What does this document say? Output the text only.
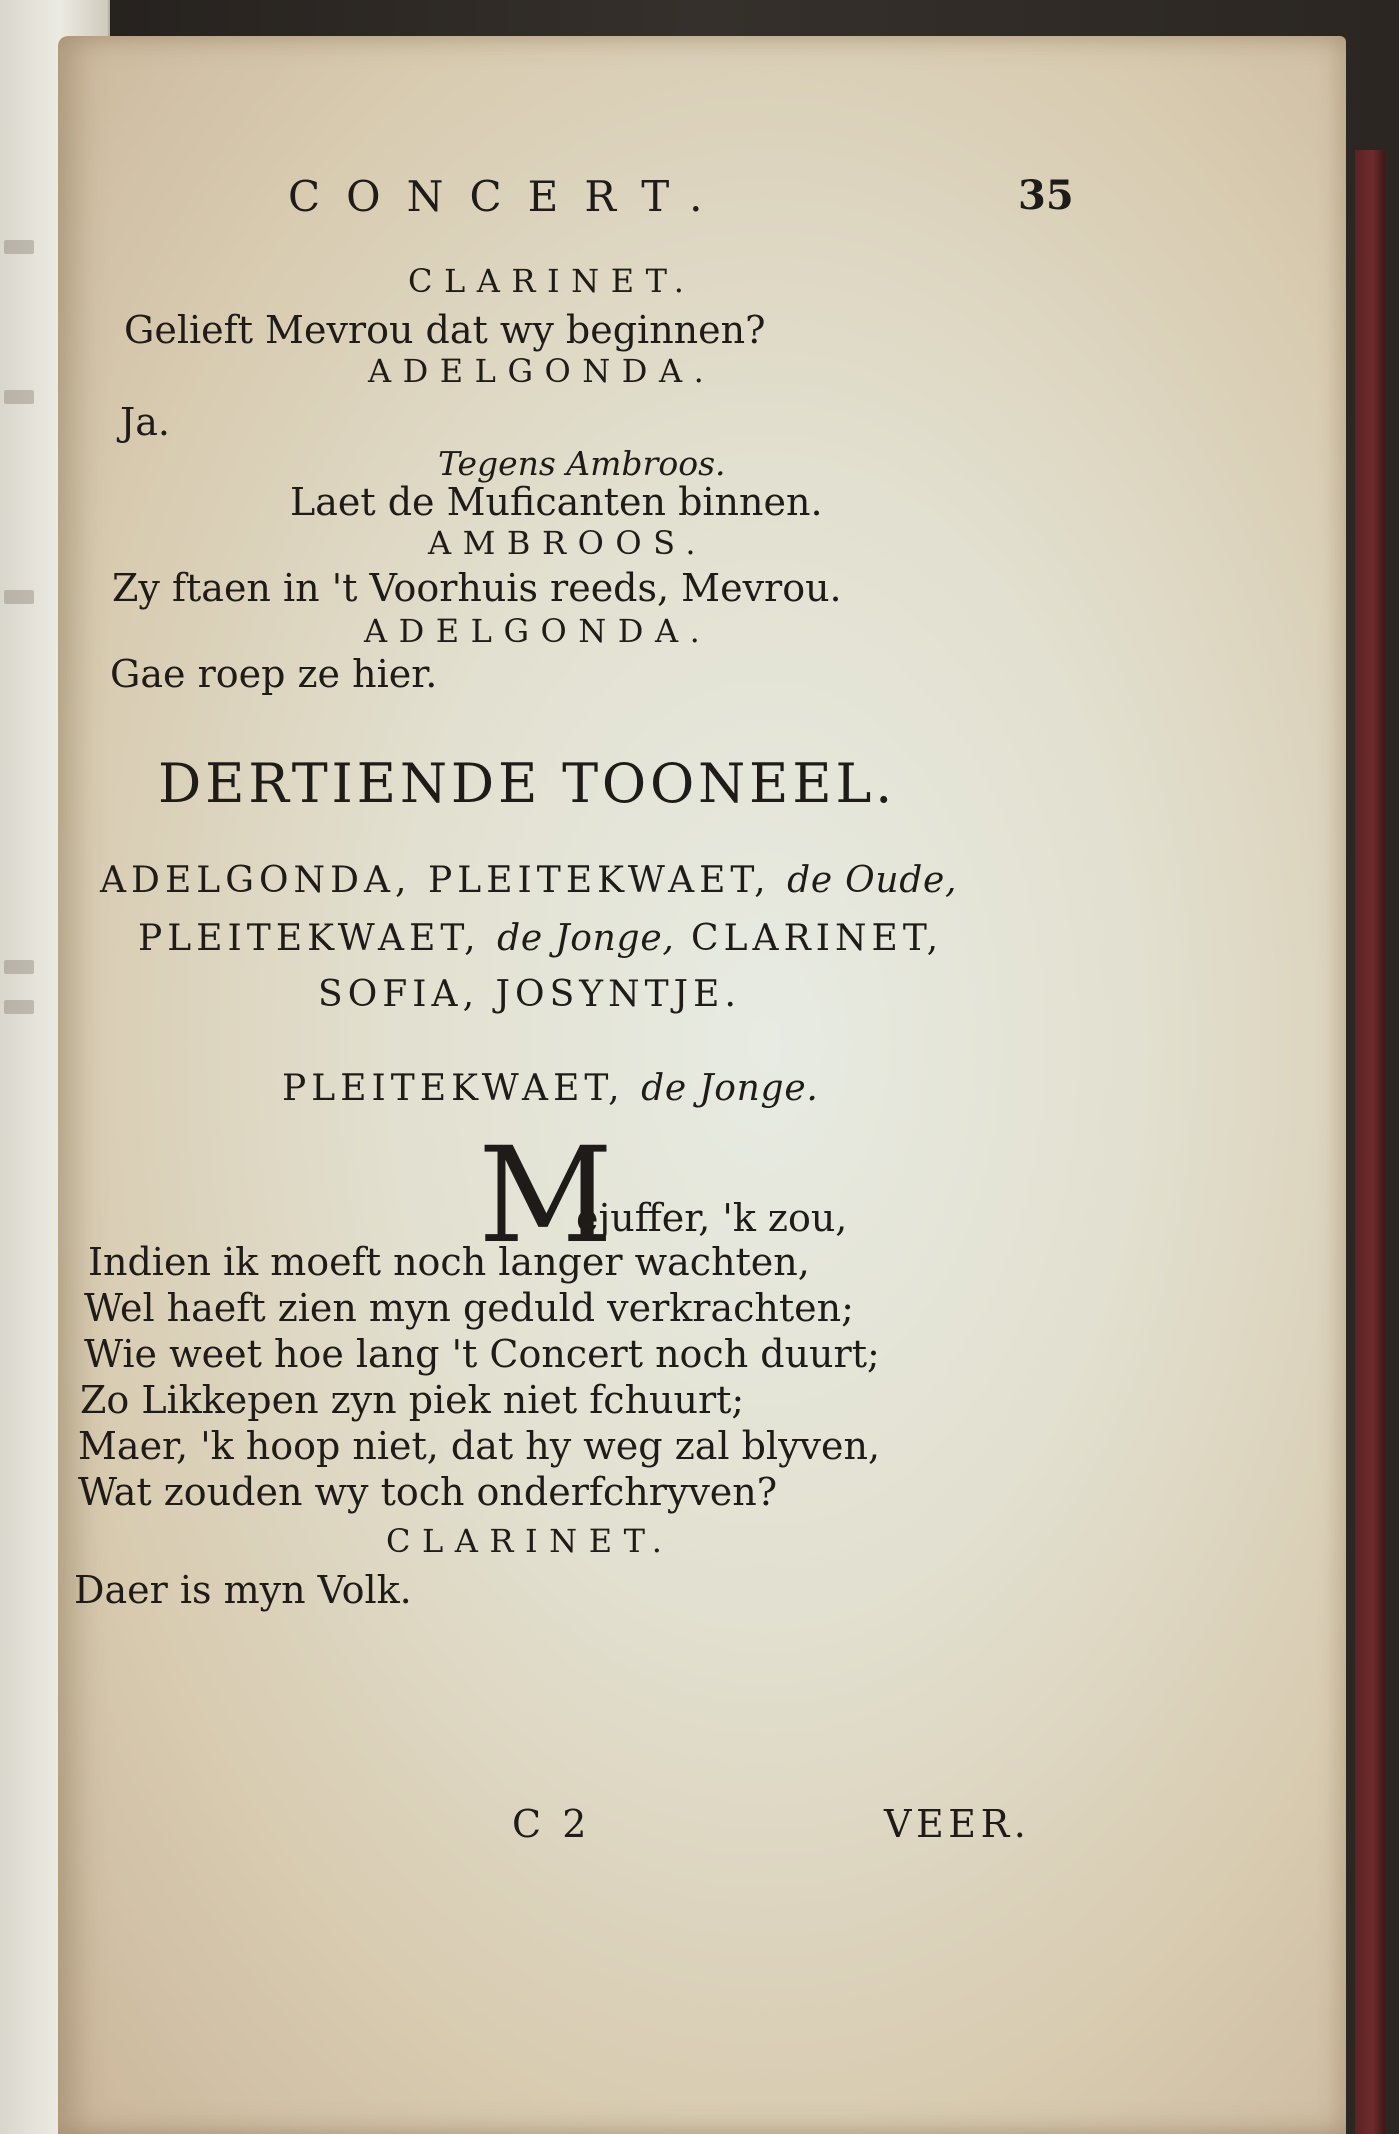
CONCERT.	35

CLARINET.

Gelieft Mevrou dat wy beginnen?

ADELGONDA.

Ja.

Tegens Ambroos.

Laet de Muficanten binnen.

AMBROOS.

Zy ftaen in 't Voorhuis reeds, Mevrou.

ADELGONDA.

Gae roep ze hier.

DERTIENDE TOONEEL.

ADELGONDA, PLEITEKWAET, de Oude,

PLEITEKWAET, de Jonge, CLARINET,

SOFIA, JOSYNTJE.

PLEITEKWAET, de Jonge.

M

ejuffer, 'k zou,

Indien ik moeft noch langer wachten,

Wel haeft zien myn geduld verkrachten;

Wie weet hoe lang 't Concert noch duurt;

Zo Likkepen zyn piek niet fchuurt;

Maer, 'k hoop niet, dat hy weg zal blyven,

Wat zouden wy toch onderfchryven?

CLARINET.

Daer is myn Volk.

C 2	VEER.
